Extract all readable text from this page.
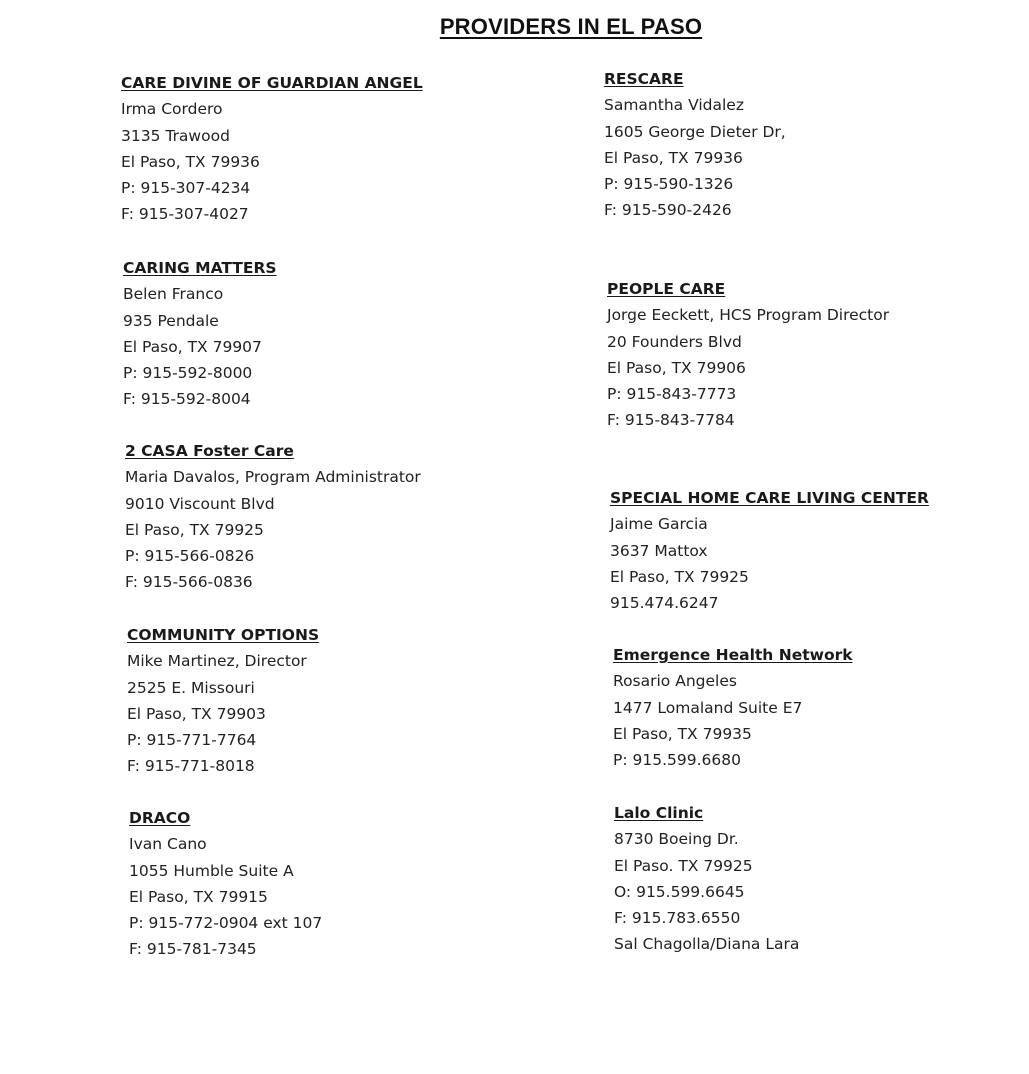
PROVIDERS IN EL PASO
CARE DIVINE OF GUARDIAN ANGEL
Irma Cordero
3135 Trawood
El Paso, TX 79936
P: 915-307-4234
F: 915-307-4027
CARING MATTERS
Belen Franco
935 Pendale
El Paso, TX 79907
P: 915-592-8000
F: 915-592-8004
2 CASA Foster Care
Maria Davalos, Program Administrator
9010 Viscount Blvd
El Paso, TX 79925
P: 915-566-0826
F: 915-566-0836
COMMUNITY OPTIONS
Mike Martinez, Director
2525 E. Missouri
El Paso, TX 79903
P: 915-771-7764
F: 915-771-8018
DRACO
Ivan Cano
1055 Humble Suite A
El Paso, TX 79915
P: 915-772-0904 ext 107
F: 915-781-7345
RESCARE
Samantha Vidalez
1605 George Dieter Dr,
El Paso, TX 79936
P: 915-590-1326
F: 915-590-2426
PEOPLE CARE
Jorge Eeckett, HCS Program Director
20 Founders Blvd
El Paso, TX 79906
P: 915-843-7773
F: 915-843-7784
SPECIAL HOME CARE LIVING CENTER
Jaime Garcia
3637 Mattox
El Paso, TX 79925
915.474.6247
Emergence Health Network
Rosario Angeles
1477 Lomaland Suite E7
El Paso, TX 79935
P: 915.599.6680
Lalo Clinic
8730 Boeing Dr.
El Paso. TX 79925
O: 915.599.6645
F: 915.783.6550
Sal Chagolla/Diana Lara
